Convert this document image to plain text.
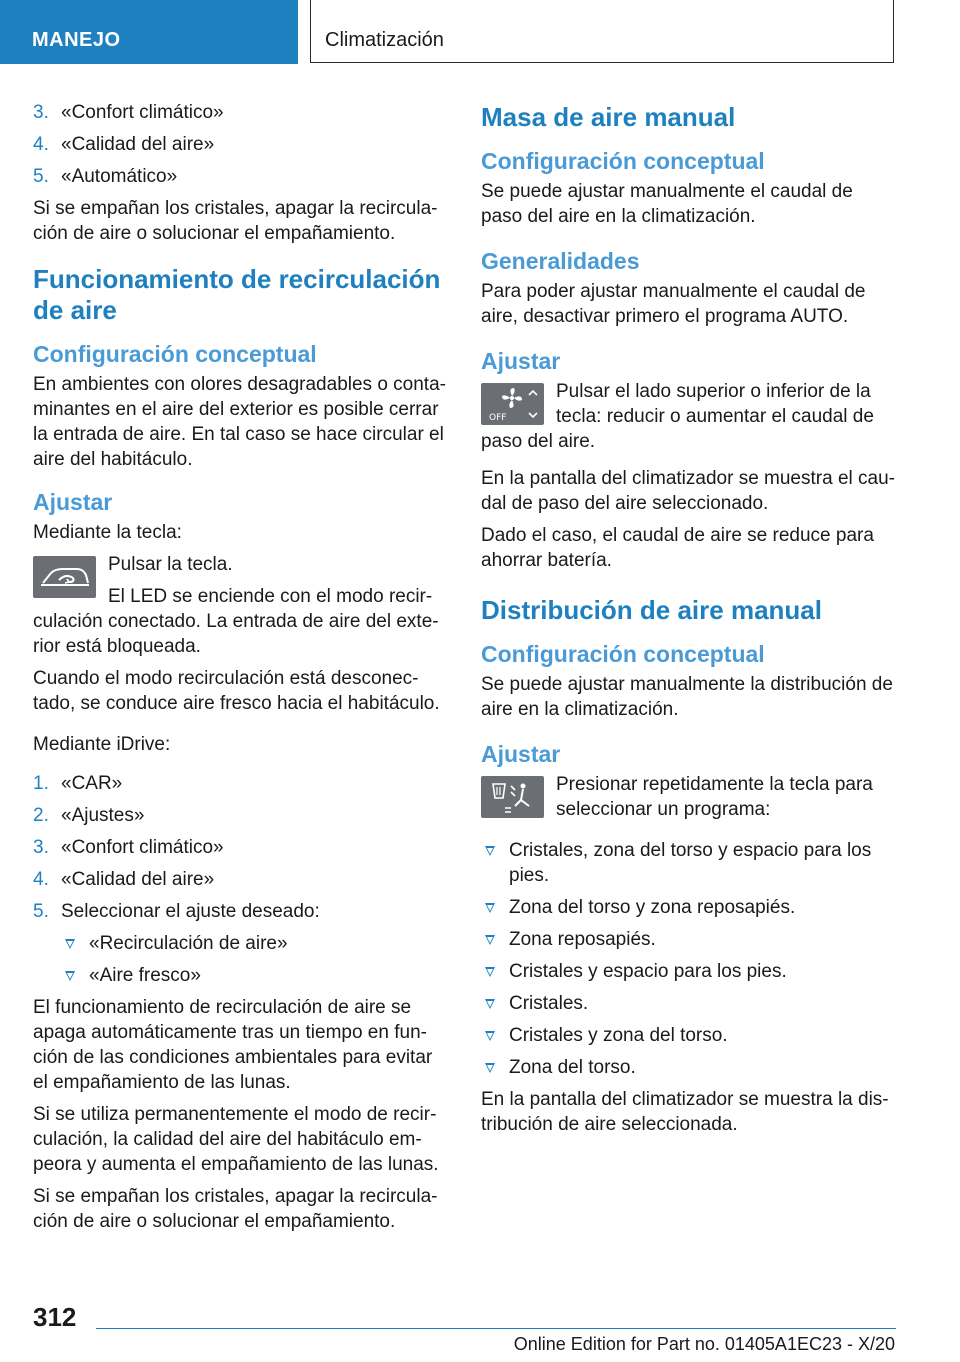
MANEJO	Climatización
3. «Confort climático»
4. «Calidad del aire»
5. «Automático»

Si se empañan los cristales, apagar la recircula-ción de aire o solucionar el empañamiento.

Funcionamiento de recirculación de aire
Configuración conceptual

En ambientes con olores desagradables o conta-minantes en el aire del exterior es posible cerrar la entrada de aire. En tal caso se hace circular el aire del habitáculo.

Ajustar

Mediante la tecla:

Pulsar la tecla.

El LED se enciende con el modo recir-culación conectado. La entrada de aire del exte-rior está bloqueada.

Cuando el modo recirculación está desconec-tado, se conduce aire fresco hacia el habitáculo.

Mediante iDrive:

1. «CAR»
2. «Ajustes»
3. «Confort climático»
4. «Calidad del aire»
5. Seleccionar el ajuste deseado:
«Recirculación de aire»
«Aire fresco»

El funcionamiento de recirculación de aire se apaga automáticamente tras un tiempo en fun-ción de las condiciones ambientales para evitar el empañamiento de las lunas.

Si se utiliza permanentemente el modo de recir-culación, la calidad del aire del habitáculo em-peora y aumenta el empañamiento de las lunas.

Si se empañan los cristales, apagar la recircula-ción de aire o solucionar el empañamiento.

Masa de aire manual
Configuración conceptual

Se puede ajustar manualmente el caudal de paso del aire en la climatización.

Generalidades

Para poder ajustar manualmente el caudal de aire, desactivar primero el programa AUTO.

Ajustar
OFF

Pulsar el lado superior o inferior de la tecla: reducir o aumentar el caudal de paso del aire.

En la pantalla del climatizador se muestra el cau-dal de paso del aire seleccionado.

Dado el caso, el caudal de aire se reduce para ahorrar batería.

Distribución de aire manual
Configuración conceptual

Se puede ajustar manualmente la distribución de aire en la climatización.

Ajustar

Presionar repetidamente la tecla para seleccionar un programa:

Cristales, zona del torso y espacio para los pies.
Zona del torso y zona reposapiés.
Zona reposapiés.
Cristales y espacio para los pies.
Cristales.
Cristales y zona del torso.
Zona del torso.

En la pantalla del climatizador se muestra la dis-tribución de aire seleccionada.

312
Online Edition for Part no. 01405A1EC23 - X/20
